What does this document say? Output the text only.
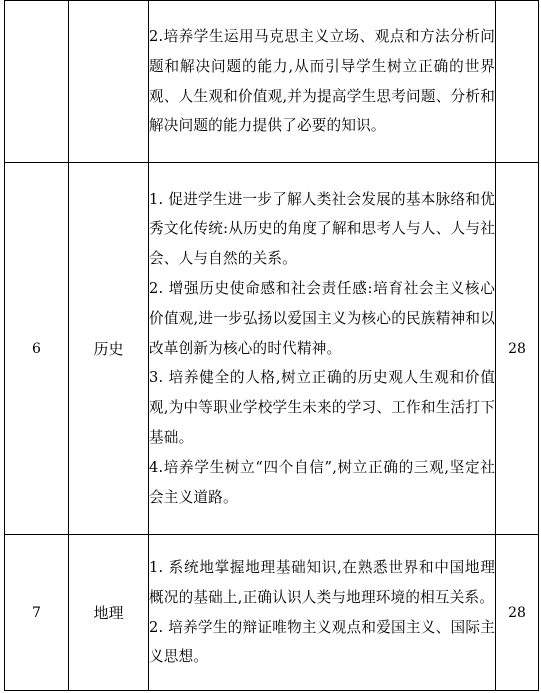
		2.培养学生运用马克思主义立场、观点和方法分析问题和解决问题的能力,从而引导学生树立正确的世界观、人生观和价值观,并为提高学生思考问题、分析和解决问题的能力提供了必要的知识。	

6	历史	1. 促进学生进一步了解人类社会发展的基本脉络和优秀文化传统:从历史的角度了解和思考人与人、人与社会、人与自然的关系。

2. 增强历史使命感和社会责任感:培育社会主义核心价值观,进一步弘扬以爱国主义为核心的民族精神和以改革创新为核心的时代精神。

3. 培养健全的人格,树立正确的历史观人生观和价值观,为中等职业学校学生未来的学习、工作和生活打下基础。

4.培养学生树立“四个自信”,树立正确的三观,坚定社会主义道路。	28
7	地理	1. 系统地掌握地理基础知识,在熟悉世界和中国地理概况的基础上,正确认识人类与地理环境的相互关系。

2. 培养学生的辩证唯物主义观点和爱国主义、国际主义思想。	28
